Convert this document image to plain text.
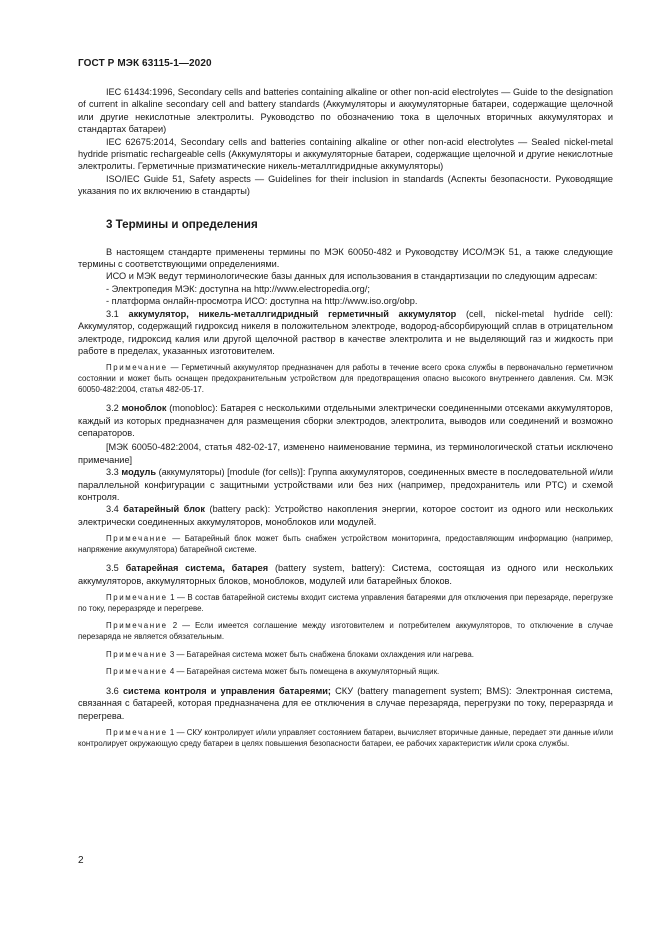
ГОСТ Р МЭК 63115-1—2020

IEC 61434:1996, Secondary cells and batteries containing alkaline or other non-acid electrolytes — Guide to the designation of current in alkaline secondary cell and battery standards (Аккумуляторы и аккумуляторные батареи, содержащие щелочной или другие некислотные электролиты. Руководство по обозначению тока в щелочных вторичных аккумуляторах и стандартах батареи)

IEC 62675:2014, Secondary cells and batteries containing alkaline or other non-acid electrolytes — Sealed nickel-metal hydride prismatic rechargeable cells (Аккумуляторы и аккумуляторные батареи, содержащие щелочной и другие некислотные электролиты. Герметичные призматические никель-металлгидридные аккумуляторы)

ISO/IEC Guide 51, Safety aspects — Guidelines for their inclusion in standards (Аспекты безопасности. Руководящие указания по их включению в стандарты)

3 Термины и определения

В настоящем стандарте применены термины по МЭК 60050-482 и Руководству ИСО/МЭК 51, а также следующие термины с соответствующими определениями.

ИСО и МЭК ведут терминологические базы данных для использования в стандартизации по следующим адресам:

- Электропедия МЭК: доступна на http://www.electropedia.org/;

- платформа онлайн-просмотра ИСО: доступна на http://www.iso.org/obp.

3.1 аккумулятор, никель-металлгидридный герметичный аккумулятор (cell, nickel-metal hydride cell): Аккумулятор, содержащий гидроксид никеля в положительном электроде, водород-абсорбирующий сплав в отрицательном электроде, гидроксид калия или другой щелочной раствор в качестве электролита и не выделяющий газ и жидкость при работе в пределах, указанных изготовителем.

Примечание — Герметичный аккумулятор предназначен для работы в течение всего срока службы в первоначально герметичном состоянии и может быть оснащен предохранительным устройством для предотвращения опасно высокого внутреннего давления. См. МЭК 60050-482:2004, статья 482-05-17.

3.2 моноблок (monobloc): Батарея с несколькими отдельными электрически соединенными отсеками аккумуляторов, каждый из которых предназначен для размещения сборки электродов, электролита, выводов или соединений и возможно сепараторов.

[МЭК 60050-482:2004, статья 482-02-17, изменено наименование термина, из терминологической статьи исключено примечание]

3.3 модуль (аккумуляторы) [module (for cells)]: Группа аккумуляторов, соединенных вместе в последовательной и/или параллельной конфигурации с защитными устройствами или без них (например, предохранитель или PTC) и схемой контроля.

3.4 батарейный блок (battery pack): Устройство накопления энергии, которое состоит из одного или нескольких электрически соединенных аккумуляторов, моноблоков или модулей.

Примечание — Батарейный блок может быть снабжен устройством мониторинга, предоставляющим информацию (например, напряжение аккумулятора) батарейной системе.

3.5 батарейная система, батарея (battery system, battery): Система, состоящая из одного или нескольких аккумуляторов, аккумуляторных блоков, моноблоков, модулей или батарейных блоков.

Примечание 1 — В состав батарейной системы входит система управления батареями для отключения при перезаряде, перегрузке по току, переразряде и перегреве.

Примечание 2 — Если имеется соглашение между изготовителем и потребителем аккумуляторов, то отключение в случае перезаряда не является обязательным.

Примечание 3 — Батарейная система может быть снабжена блоками охлаждения или нагрева.

Примечание 4 — Батарейная система может быть помещена в аккумуляторный ящик.

3.6 система контроля и управления батареями; СКУ (battery management system; BMS): Электронная система, связанная с батареей, которая предназначена для ее отключения в случае перезаряда, перегрузки по току, переразряда и перегрева.

Примечание 1 — СКУ контролирует и/или управляет состоянием батареи, вычисляет вторичные данные, передает эти данные и/или контролирует окружающую среду батареи в целях повышения безопасности батареи, ее рабочих характеристик и/или срока службы.

2
